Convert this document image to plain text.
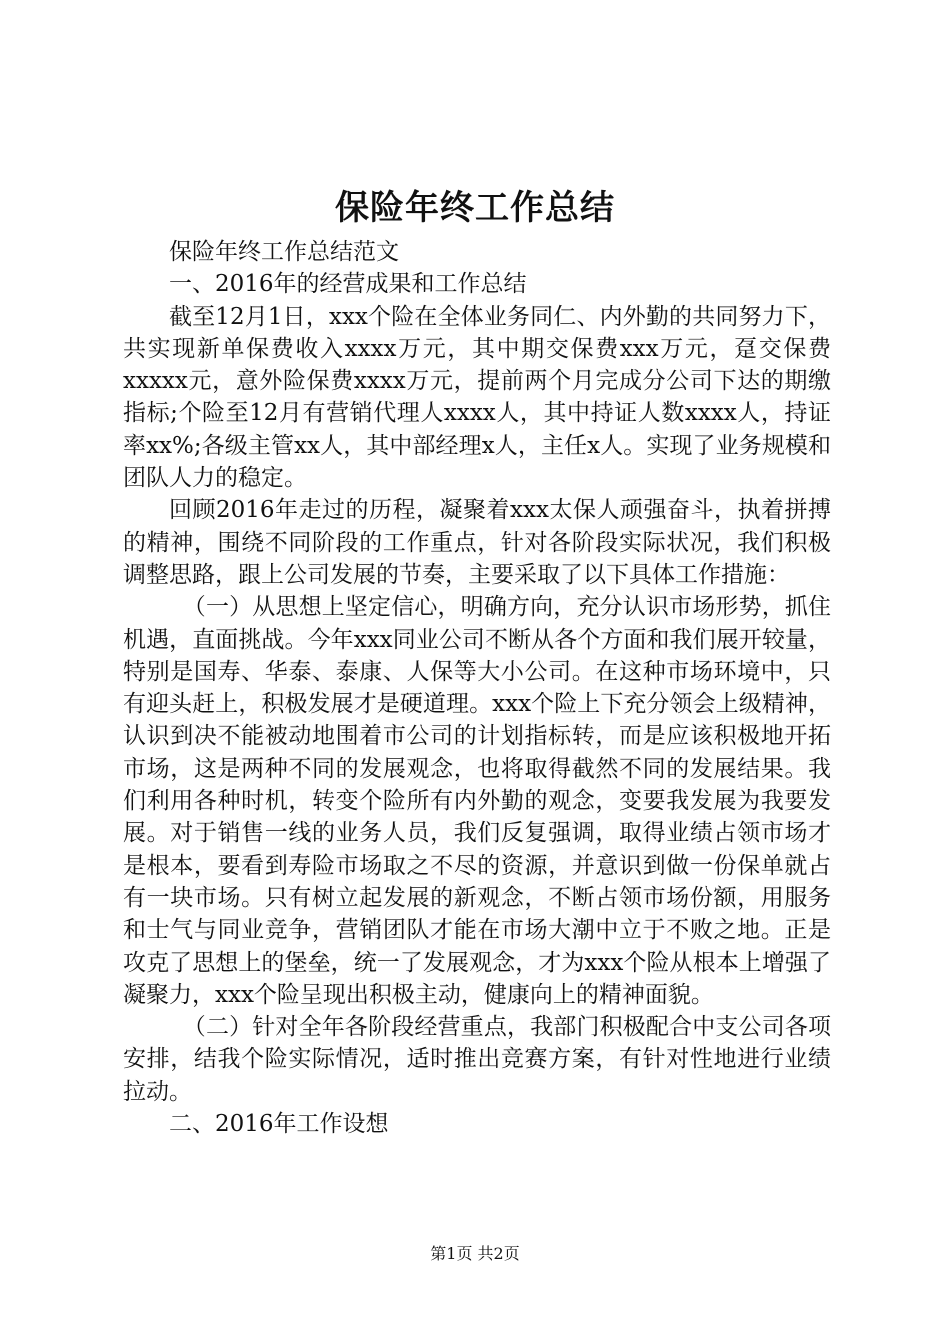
保险年终工作总结

保险年终工作总结范文

一、2016年的经营成果和工作总结

截至12月1日，xxx个险在全体业务同仁、内外勤的共同努力下，共实现新单保费收入xxxx万元，其中期交保费xxx万元，趸交保费xxxxx元，意外险保费xxxx万元，提前两个月完成分公司下达的期缴指标;个险至12月有营销代理人xxxx人，其中持证人数xxxx人，持证率xx%;各级主管xx人，其中部经理x人，主任x人。实现了业务规模和团队人力的稳定。

回顾2016年走过的历程，凝聚着xxx太保人顽强奋斗，执着拼搏的精神，围绕不同阶段的工作重点，针对各阶段实际状况，我们积极调整思路，跟上公司发展的节奏，主要采取了以下具体工作措施：

（一）从思想上坚定信心，明确方向，充分认识市场形势，抓住机遇，直面挑战。今年xxx同业公司不断从各个方面和我们展开较量，特别是国寿、华泰、泰康、人保等大小公司。在这种市场环境中，只有迎头赶上，积极发展才是硬道理。xxx个险上下充分领会上级精神，认识到决不能被动地围着市公司的计划指标转，而是应该积极地开拓市场，这是两种不同的发展观念，也将取得截然不同的发展结果。我们利用各种时机，转变个险所有内外勤的观念，变要我发展为我要发展。对于销售一线的业务人员，我们反复强调，取得业绩占领市场才是根本，要看到寿险市场取之不尽的资源，并意识到做一份保单就占有一块市场。只有树立起发展的新观念，不断占领市场份额，用服务和士气与同业竞争，营销团队才能在市场大潮中立于不败之地。正是攻克了思想上的堡垒，统一了发展观念，才为xxx个险从根本上增强了凝聚力，xxx个险呈现出积极主动，健康向上的精神面貌。

（二）针对全年各阶段经营重点，我部门积极配合中支公司各项安排，结我个险实际情况，适时推出竞赛方案，有针对性地进行业绩拉动。

二、2016年工作设想

第1页 共2页
